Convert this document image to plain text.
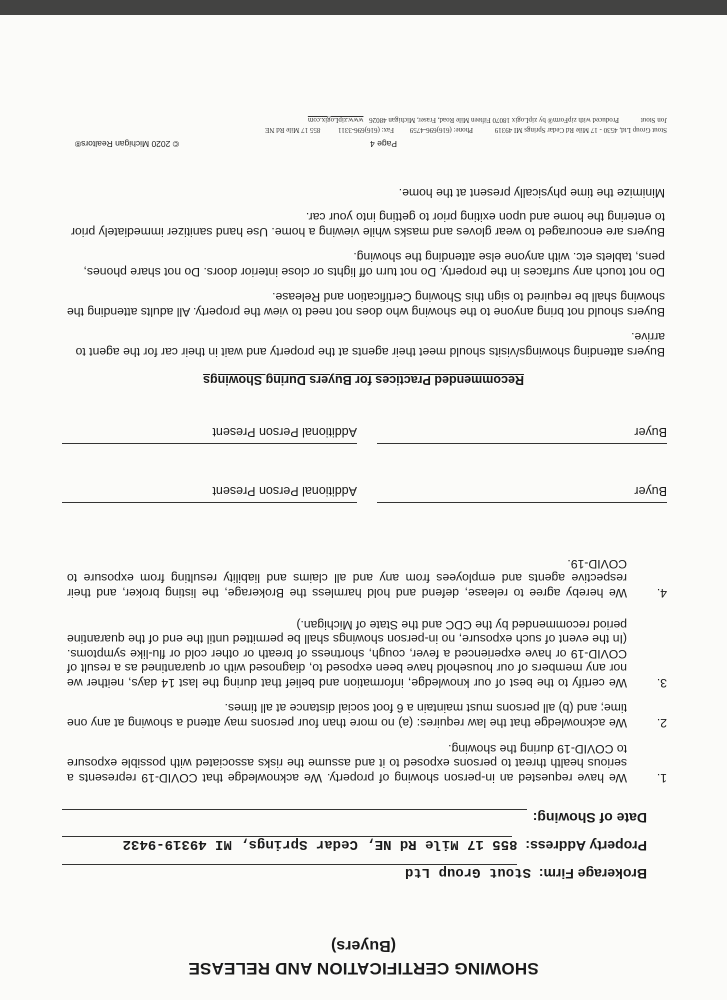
SHOWING CERTIFICATION AND RELEASE
(Buyers)
Brokerage Firm: Stout Group Ltd
Property Address: 855 17 Mile Rd NE, Cedar Springs, MI 49319-9432
Date of Showing:
1.
We have requested an in-person showing of property. We acknowledge that COVID-19 represents a serious health threat to persons exposed to it and assume the risks associated with possible exposure to COVID-19 during the showing.
2.
We acknowledge that the law requires: (a) no more than four persons may attend a showing at any one time; and (b) all persons must maintain a 6 foot social distance at all times.
3.
We certify to the best of our knowledge, information and belief that during the last 14 days, neither we nor any members of our household have been exposed to, diagnosed with or quarantined as a result of COVID-19 or have experienced a fever, cough, shortness of breath or other cold or flu-like symptoms. (In the event of such exposure, no in-person showings shall be permitted until the end of the quarantine period recommended by the CDC and the State of Michigan.)
4.
We hereby agree to release, defend and hold harmless the Brokerage, the listing broker, and their respective agents and employees from any and all claims and liability resulting from exposure to COVID-19.
Buyer
Additional Person Present
Buyer
Additional Person Present
Recommended Practices for Buyers During Showings
Buyers attending showings/visits should meet their agents at the property and wait in their car for the agent to arrive.
Buyers should not bring anyone to the showing who does not need to view the property. All adults attending the showing shall be required to sign this Showing Certification and Release.
Do not touch any surfaces in the property. Do not turn off lights or close interior doors. Do not share phones, pens, tablets etc. with anyone else attending the showing.
Buyers are encouraged to wear gloves and masks while viewing a home. Use hand sanitizer immediately prior to entering the home and upon exiting prior to getting into your car.
Minimize the time physically present at the home.
Page 4
© 2020 Michigan Realtors®
Stout Group Ltd, 4530 - 17 Mile Rd Cedar Springs MI 49319 Phone: (616)696-4759 Fax: (616)696-3311 855 17 Mile Rd NE
Jon Stout Produced with zipForm® by zipLogix 18070 Fifteen Mile Road, Fraser, Michigan 48026 www.zipLogix.com
